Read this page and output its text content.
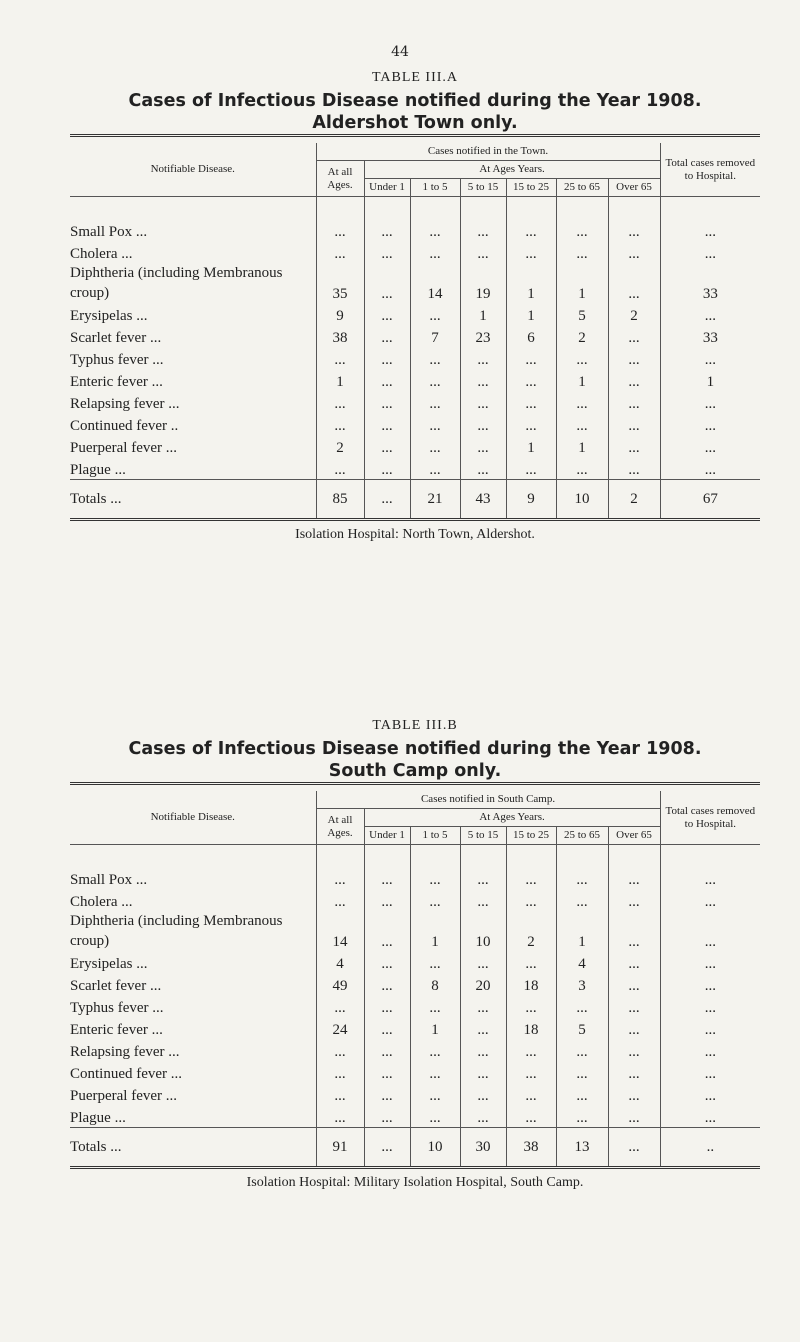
44
TABLE III.A
Cases of Infectious Disease notified during the Year 1908.
Aldershot Town only.
Notifiable Disease.	Cases notified in the Town.							Total cases removed to Hospital.
	At all Ages.	At Ages Years.						
		Under 1	1 to 5	5 to 15	15 to 25	25 to 65	Over 65	
Small Pox ...	...	...	...	...	...	...	...	...
Cholera ...	...	...	...	...	...	...	...	...
Diphtheria (including Membranous croup)	35	...	14	19	1	1	...	33
Erysipelas ...	9	...	...	1	1	5	2	...
Scarlet fever ...	38	...	7	23	6	2	...	33
Typhus fever ...	...	...	...	...	...	...	...	...
Enteric fever ...	1	...	...	...	...	1	...	1
Relapsing fever ...	...	...	...	...	...	...	...	...
Continued fever ..	...	...	...	...	...	...	...	...
Puerperal fever ...	2	...	...	...	1	1	...	...
Plague ...	...	...	...	...	...	...	...	...
Totals ...	85	...	21	43	9	10	2	67
Isolation Hospital: North Town, Aldershot.
TABLE III.B
Cases of Infectious Disease notified during the Year 1908.
South Camp only.
Notifiable Disease.	Cases notified in South Camp.							Total cases removed to Hospital.
	At all Ages.	At Ages Years.						
		Under 1	1 to 5	5 to 15	15 to 25	25 to 65	Over 65	
Small Pox ...	...	...	...	...	...	...	...	...
Cholera ...	...	...	...	...	...	...	...	...
Diphtheria (including Membranous croup)	14	...	1	10	2	1	...	...
Erysipelas ...	4	...	...	...	...	4	...	...
Scarlet fever ...	49	...	8	20	18	3	...	...
Typhus fever ...	...	...	...	...	...	...	...	...
Enteric fever ...	24	...	1	...	18	5	...	...
Relapsing fever ...	...	...	...	...	...	...	...	...
Continued fever ...	...	...	...	...	...	...	...	...
Puerperal fever ...	...	...	...	...	...	...	...	...
Plague ...	...	...	...	...	...	...	...	...
Totals ...	91	...	10	30	38	13	...	..
Isolation Hospital: Military Isolation Hospital, South Camp.
